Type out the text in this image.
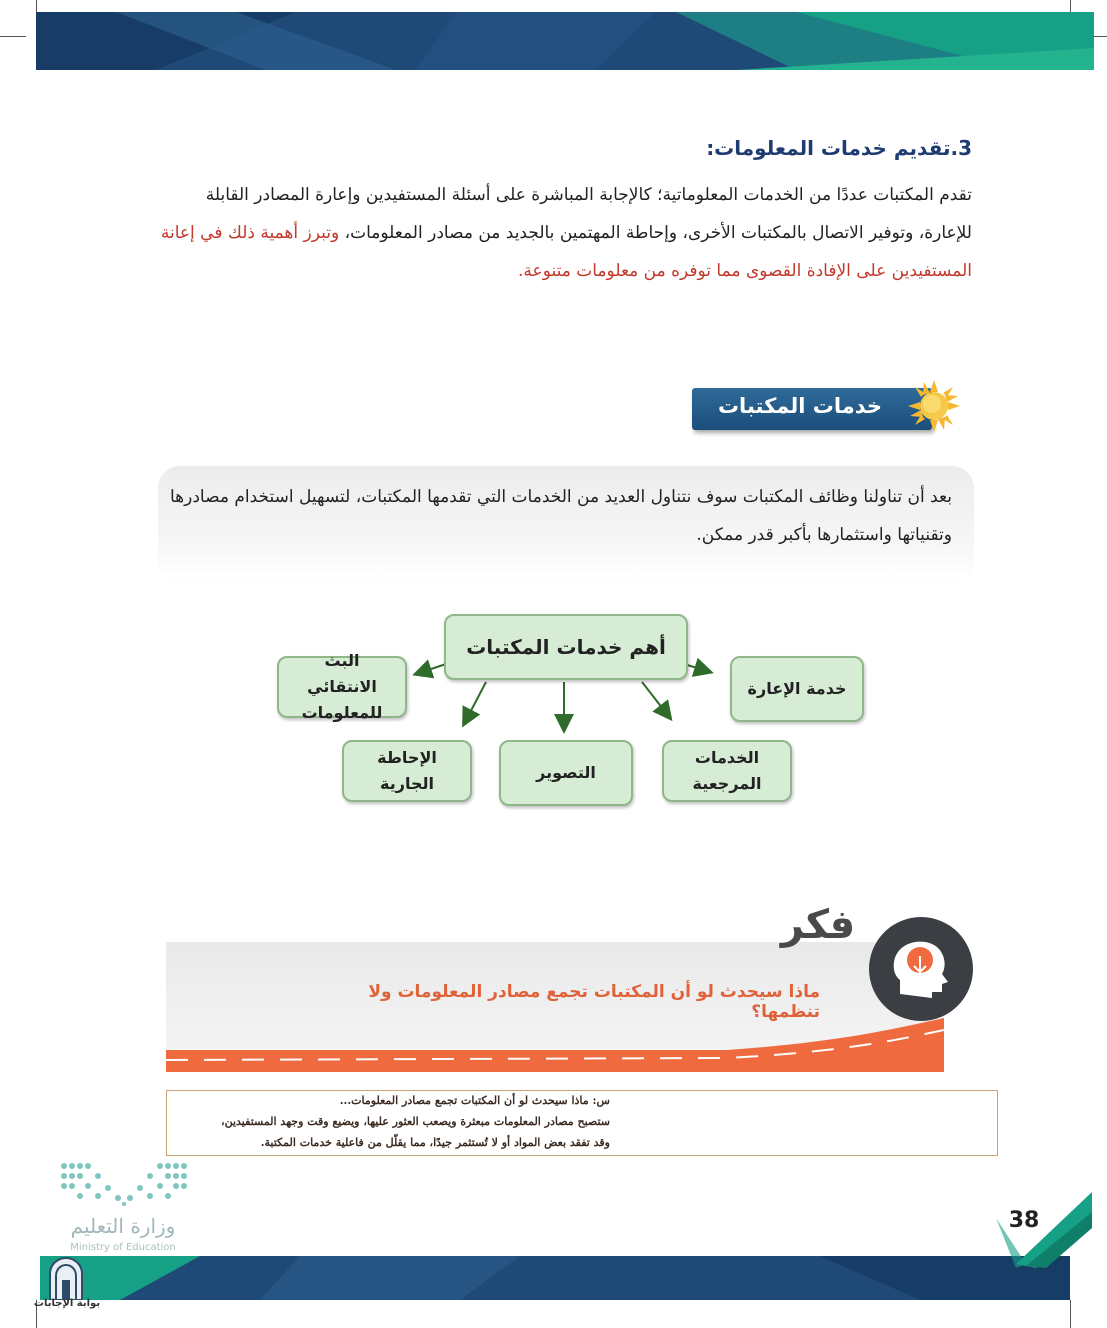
3.تقديم خدمات المعلومات:
تقدم المكتبات عددًا من الخدمات المعلوماتية؛ كالإجابة المباشرة على أسئلة المستفيدين وإعارة المصادر القابلة للإعارة، وتوفير الاتصال بالمكتبات الأخرى، وإحاطة المهتمين بالجديد من مصادر المعلومات، وتبرز أهمية ذلك في إعانة المستفيدين على الإفادة القصوى مما توفره من معلومات متنوعة.
خدمات المكتبات
بعد أن تناولنا وظائف المكتبات سوف نتناول العديد من الخدمات التي تقدمها المكتبات، لتسهيل استخدام مصادرها وتقنياتها واستثمارها بأكبر قدر ممكن.
أهم خدمات المكتبات
خدمة الإعارة
البث الانتقائي للمعلومات
الخدمات المرجعية
التصوير
الإحاطة الجارية
فكر
ماذا سيحدث لو أن المكتبات تجمع مصادر المعلومات ولا تنظمها؟
س: ماذا سيحدث لو أن المكتبات تجمع مصادر المعلومات...
ستصبح مصادر المعلومات مبعثرة ويصعب العثور عليها، ويضيع وقت وجهد المستفيدين،
وقد تفقد بعض المواد أو لا تُستثمر جيدًا، مما يقلّل من فاعلية خدمات المكتبة.
38
وزارة التعليم
Ministry of Education
بوابة الإجابات
